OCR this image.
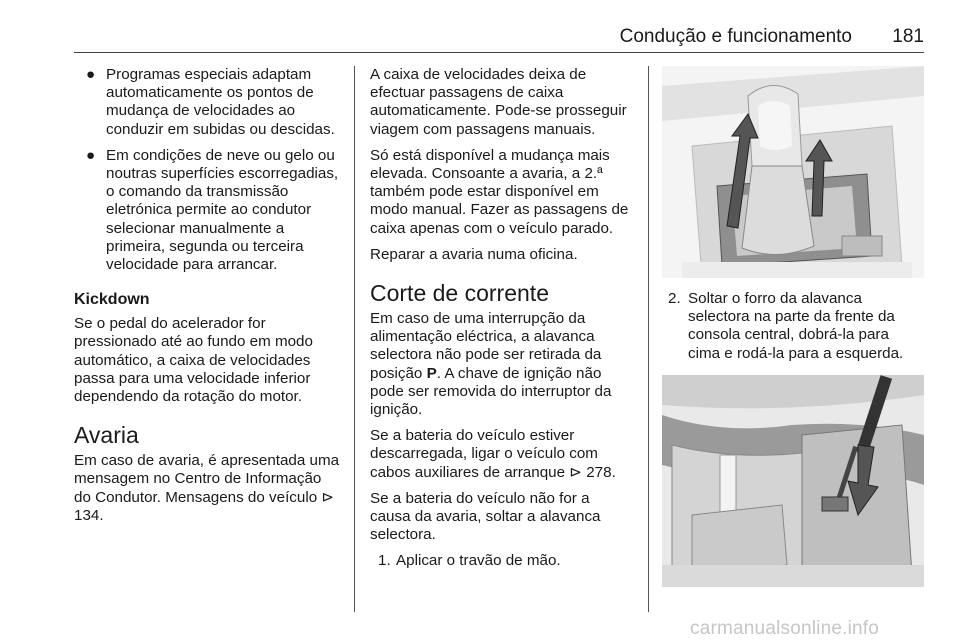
Condução e funcionamento 181
● Programas especiais adaptam automaticamente os pontos de mudança de velocidades ao conduzir em subidas ou descidas.
● Em condições de neve ou gelo ou noutras superfícies escorregadias, o comando da transmissão eletrónica permite ao condutor selecionar manualmente a primeira, segunda ou terceira velocidade para arrancar.
Kickdown

Se o pedal do acelerador for pressionado até ao fundo em modo automático, a caixa de velocidades passa para uma velocidade inferior dependendo da rotação do motor.

Avaria

Em caso de avaria, é apresentada uma mensagem no Centro de Informação do Condutor. Mensagens do veículo ⊳ 134.

A caixa de velocidades deixa de efectuar passagens de caixa automaticamente. Pode-se prosseguir viagem com passagens manuais.

Só está disponível a mudança mais elevada. Consoante a avaria, a 2.ª também pode estar disponível em modo manual. Fazer as passagens de caixa apenas com o veículo parado.

Reparar a avaria numa oficina.

Corte de corrente

Em caso de uma interrupção da alimentação eléctrica, a alavanca selectora não pode ser retirada da posição P. A chave de ignição não pode ser removida do interruptor da ignição.

Se a bateria do veículo estiver descarregada, ligar o veículo com cabos auxiliares de arranque ⊳ 278.

Se a bateria do veículo não for a causa da avaria, soltar a alavanca selectora.

1. Aplicar o travão de mão.
2. Soltar o forro da alavanca selectora na parte da frente da consola central, dobrá-la para cima e rodá-la para a esquerda.
carmanualsonline.info
